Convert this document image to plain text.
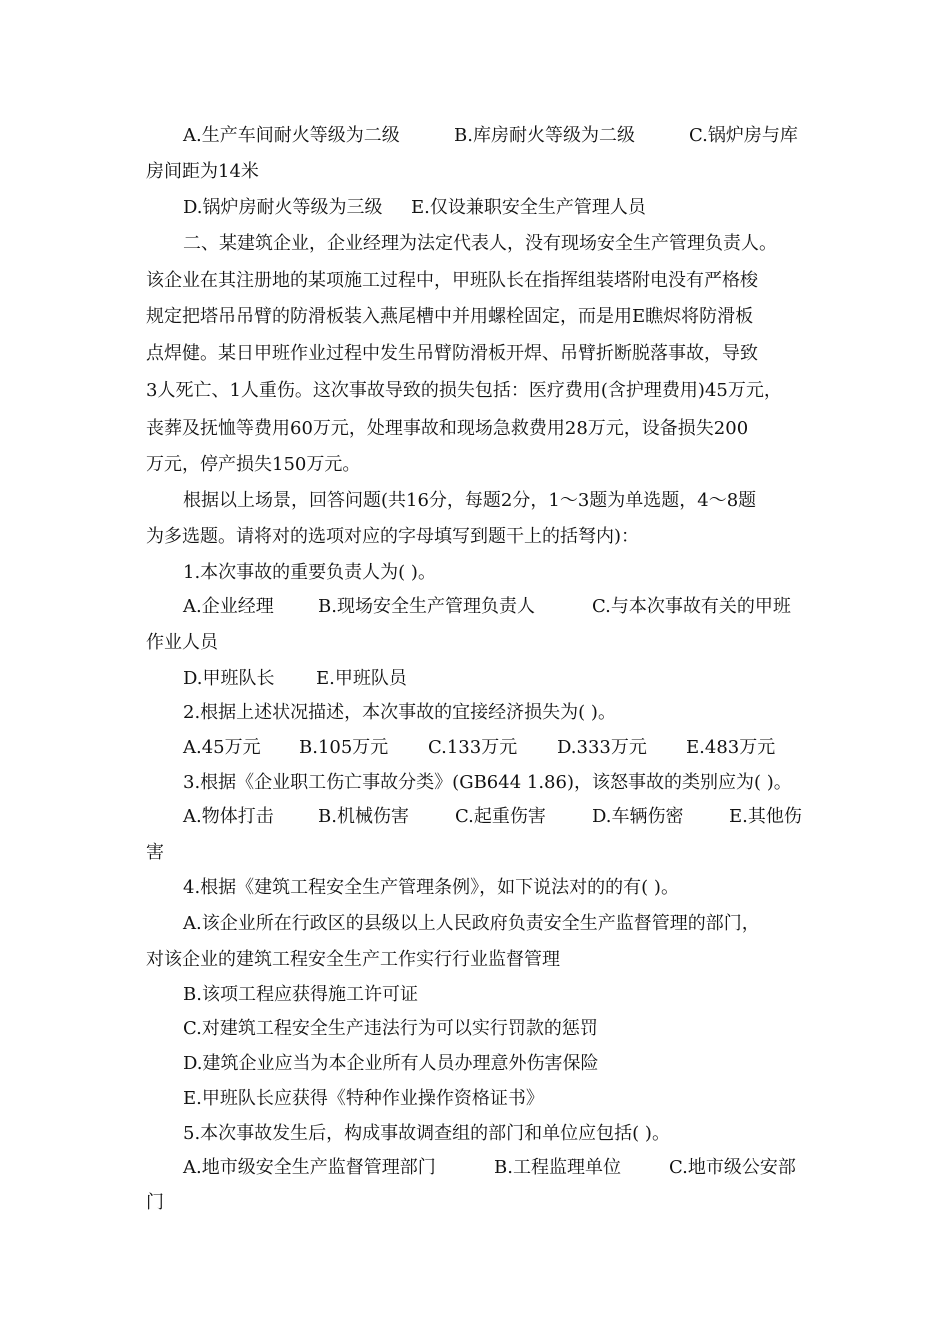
A.生产车间耐火等级为二级	B.库房耐火等级为二级	C.锅炉房与库
房间距为14米
D.锅炉房耐火等级为三级 E.仅设兼职安全生产管理人员
二、某建筑企业，企业经理为法定代表人，没有现场安全生产管理负责人。
该企业在其注册地的某项施工过程中，甲班队长在指挥组装塔附电没有严格梭
规定把塔吊吊臂的防滑板装入燕尾槽中并用螺栓固定，而是用E瞧烬将防滑板
点焊健。某日甲班作业过程中发生吊臂防滑板开焊、吊臂折断脱落事故，导致
3人死亡、1人重伤。这次事故导致的损失包括：医疗费用(含护理费用)45万元，
丧葬及抚恤等费用60万元，处理事故和现场急救费用28万元，设备损失200
万元，停产损失150万元。
根据以上场景，回答问题(共16分，每题2分，1～3题为单选题，4～8题
为多选题。请将对的选项对应的字母填写到题干上的括弩内)：
1.本次事故的重要负责人为( )。
A.企业经理 B.现场安全生产管理负责人	C.与本次事故有关的甲班
作业人员
D.甲班队长 E.甲班队员
2.根据上述状况描述，本次事故的宜接经济损失为( )。
A.45万元 B.105万元 C.133万元 D.333万元 E.483万元
3.根据《企业职工伤亡事故分类》(GB644 1.86)，该怒事故的类别应为( )。
A.物体打击 B.机械伤害	C.起重伤害	D.车辆伤密	E.其他伤
害
4.根据《建筑工程安全生产管理条例》，如下说法对的的有( )。
A.该企业所在行政区的县级以上人民政府负责安全生产监督管理的部门，
对该企业的建筑工程安全生产工作实行行业监督管理
B.该项工程应获得施工许可证
C.对建筑工程安全生产违法行为可以实行罚款的惩罚
D.建筑企业应当为本企业所有人员办理意外伤害保险
E.甲班队长应获得《特种作业操作资格证书》
5.本次事故发生后，构成事故调查组的部门和单位应包括( )。
A.地市级安全生产监督管理部门	B.工程监理单位	C.地市级公安部
门
